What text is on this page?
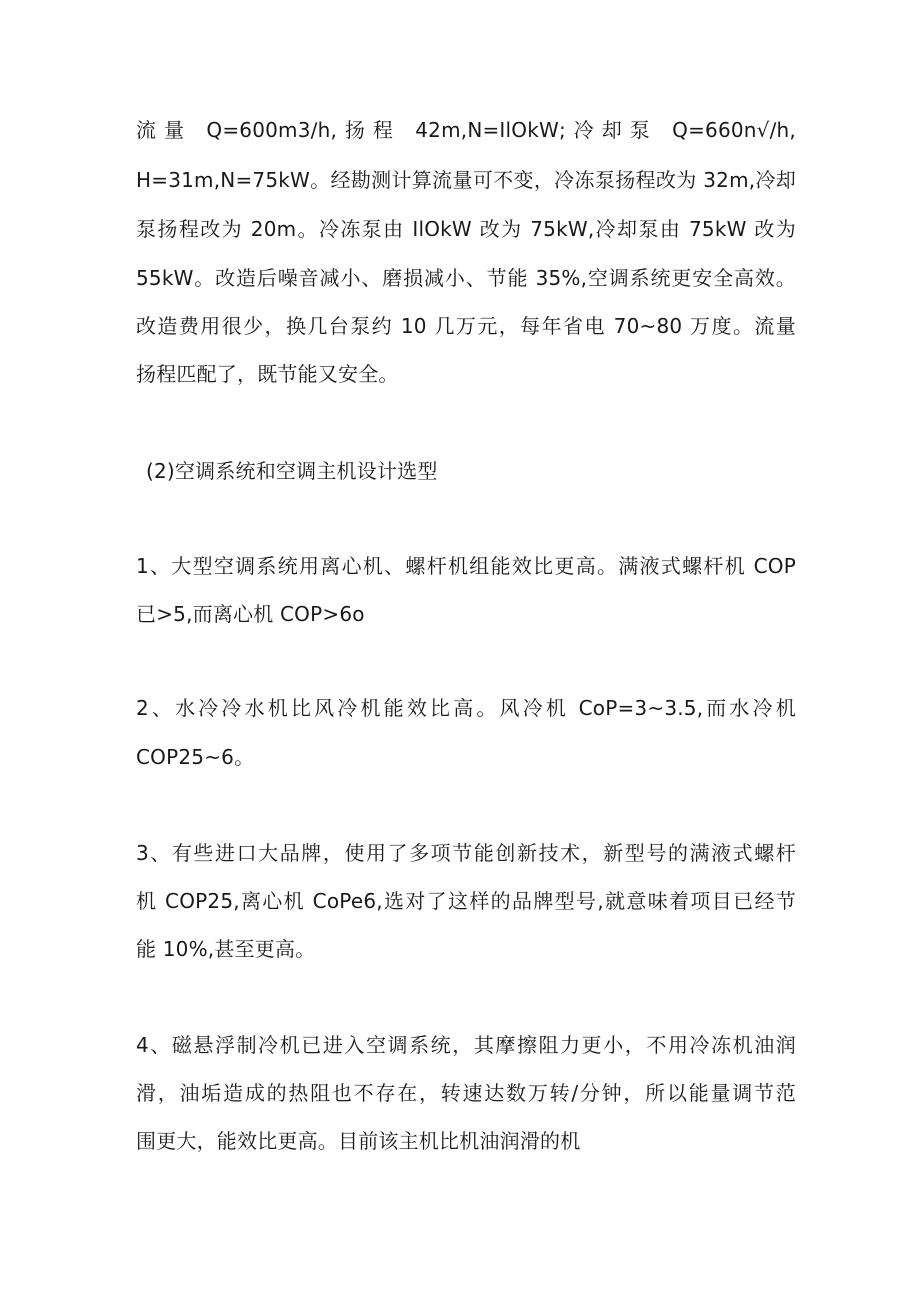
流量 Q=600m3∕h,扬程 42m,N=IlOkW;冷却泵 Q=660n√∕h,
H=31m,N=75kW。经勘测计算流量可不变，冷冻泵扬程改为 32m,冷却
泵扬程改为 20m。冷冻泵由 IlOkW 改为 75kW,冷却泵由 75kW 改为
55kW。改造后噪音减小、磨损减小、节能 35%,空调系统更安全高效。
改造费用很少，换几台泵约 10 几万元，每年省电 70~80 万度。流量
扬程匹配了，既节能又安全。
(2)空调系统和空调主机设计选型
1、大型空调系统用离心机、螺杆机组能效比更高。满液式螺杆机 COP
已>5,而离心机 COP>6o
2、水冷冷水机比风冷机能效比高。风冷机 CoP=3~3.5,而水冷机
COP25~6。
3、有些进口大品牌，使用了多项节能创新技术，新型号的满液式螺杆
机 COP25,离心机 CoPe6,选对了这样的品牌型号,就意味着项目已经节
能 10%,甚至更高。
4、磁悬浮制冷机已进入空调系统，其摩擦阻力更小，不用冷冻机油润
滑，油垢造成的热阻也不存在，转速达数万转/分钟，所以能量调节范
围更大，能效比更高。目前该主机比机油润滑的机
